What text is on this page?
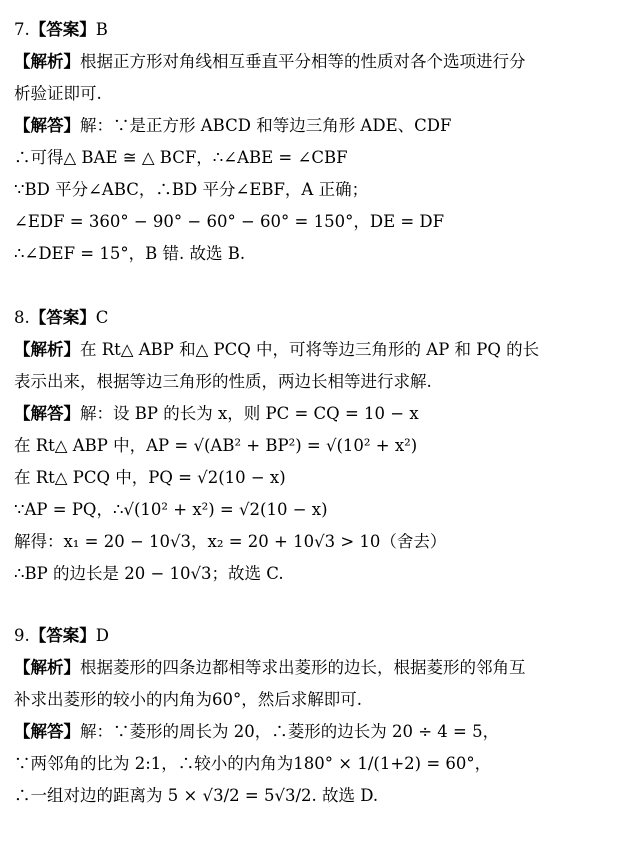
7.【答案】B
【解析】根据正方形对角线相互垂直平分相等的性质对各个选项进行分
析验证即可.
【解答】解：∵是正方形 ABCD 和等边三角形 ADE、CDF
∴可得△ BAE ≅ △ BCF，∴∠ABE = ∠CBF
∵BD 平分∠ABC，∴BD 平分∠EBF，A 正确；
∠EDF = 360° − 90° − 60° − 60° = 150°，DE = DF
∴∠DEF = 15°，B 错. 故选 B.
8.【答案】C
【解析】在 Rt△ ABP 和△ PCQ 中，可将等边三角形的 AP 和 PQ 的长
表示出来，根据等边三角形的性质，两边长相等进行求解.
【解答】解：设 BP 的长为 x，则 PC = CQ = 10 − x
在 Rt△ ABP 中，AP = √(AB² + BP²) = √(10² + x²)
在 Rt△ PCQ 中，PQ = √2(10 − x)
∵AP = PQ，∴√(10² + x²) = √2(10 − x)
解得：x₁ = 20 − 10√3，x₂ = 20 + 10√3 > 10（舍去）
∴BP 的边长是 20 − 10√3；故选 C.
9.【答案】D
【解析】根据菱形的四条边都相等求出菱形的边长，根据菱形的邻角互
补求出菱形的较小的内角为60°，然后求解即可.
【解答】解：∵菱形的周长为 20，∴菱形的边长为 20 ÷ 4 = 5，
∵两邻角的比为 2:1，∴较小的内角为180° × 1/(1+2) = 60°，
∴一组对边的距离为 5 × √3/2 = 5√3/2. 故选 D.
